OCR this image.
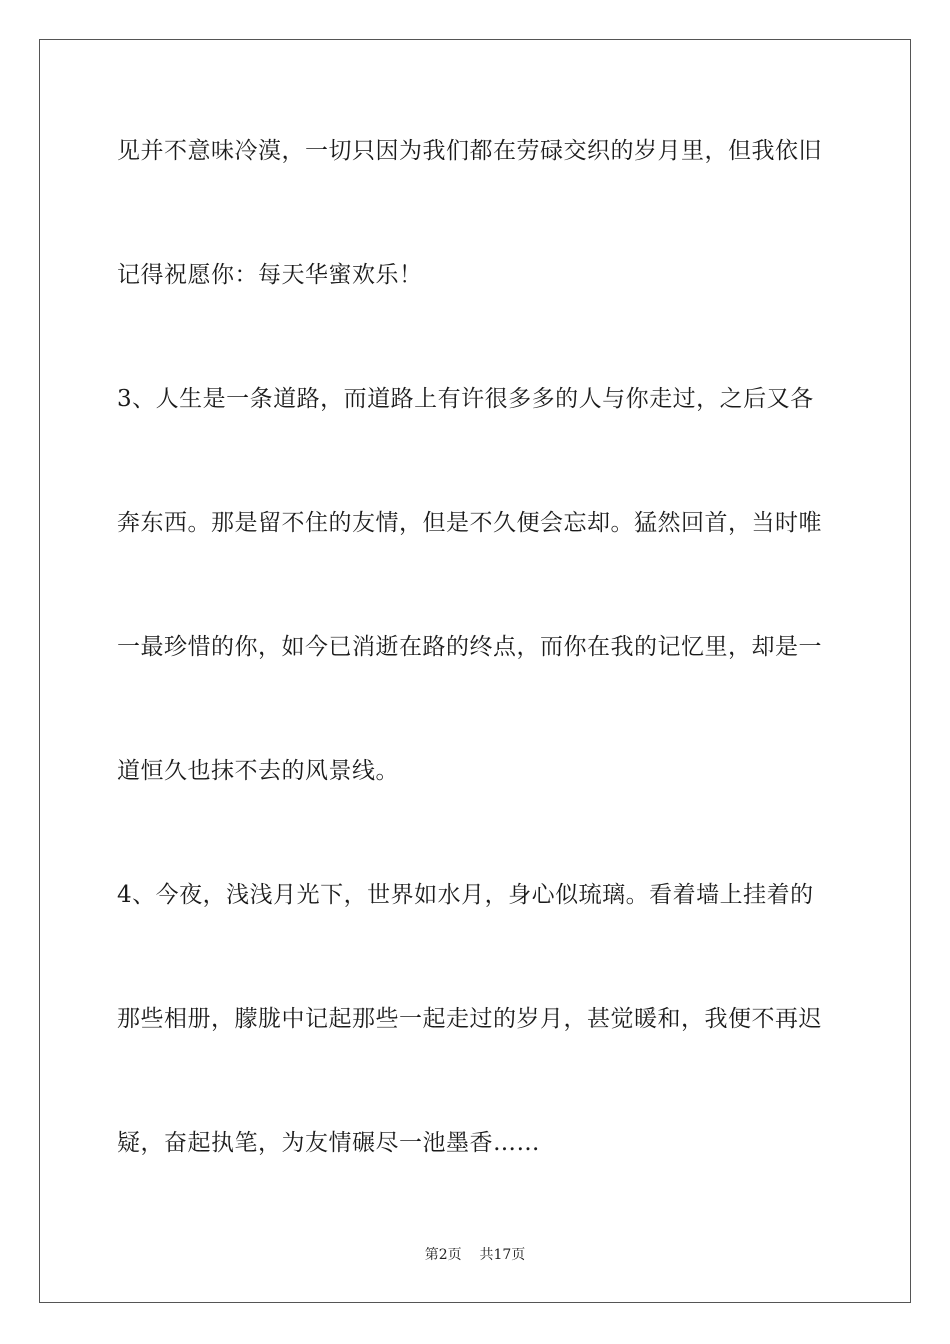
见并不意味冷漠，一切只因为我们都在劳碌交织的岁月里，但我依旧
记得祝愿你：每天华蜜欢乐！
3、人生是一条道路，而道路上有许很多多的人与你走过，之后又各
奔东西。那是留不住的友情，但是不久便会忘却。猛然回首，当时唯
一最珍惜的你，如今已消逝在路的终点，而你在我的记忆里，却是一
道恒久也抹不去的风景线。
4、今夜，浅浅月光下，世界如水月，身心似琉璃。看着墙上挂着的
那些相册，朦胧中记起那些一起走过的岁月，甚觉暖和，我便不再迟
疑，奋起执笔，为友情碾尽一池墨香……
第2页 共17页
